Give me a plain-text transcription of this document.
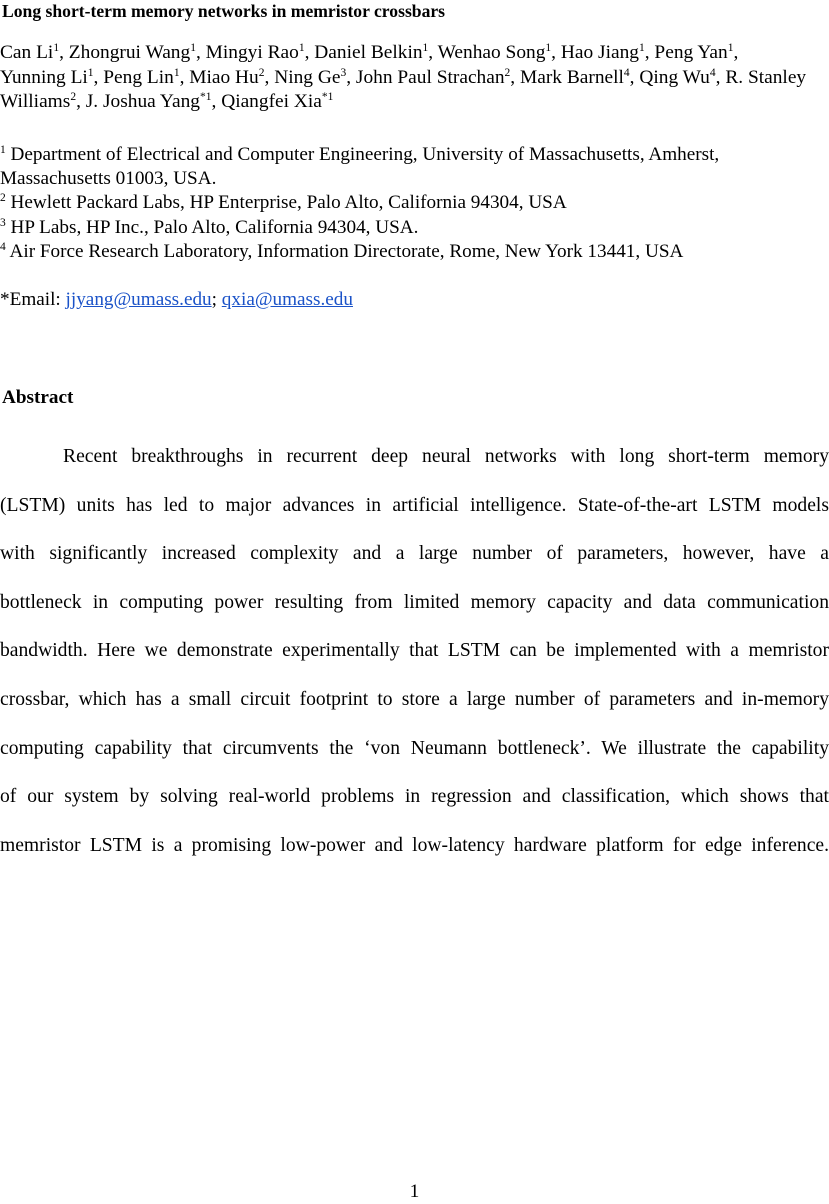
Long short-term memory networks in memristor crossbars
Can Li$^1$, Zhongrui Wang$^1$, Mingyi Rao$^1$, Daniel Belkin$^1$, Wenhao Song$^1$, Hao Jiang$^1$, Peng Yan$^1$,
Yunning Li$^1$, Peng Lin$^1$, Miao Hu$^2$, Ning Ge$^3$, John Paul Strachan$^2$, Mark Barnell$^4$, Qing Wu$^4$, R. Stanley Williams$^2$, J. Joshua Yang$^{*1}$, Qiangfei Xia$^{*1}$
$^1$ Department of Electrical and Computer Engineering, University of Massachusetts, Amherst,
Massachusetts 01003, USA.
$^2$ Hewlett Packard Labs, HP Enterprise, Palo Alto, California 94304, USA
$^3$ HP Labs, HP Inc., Palo Alto, California 94304, USA.
$^4$ Air Force Research Laboratory, Information Directorate, Rome, New York 13441, USA
*Email: jjyang@umass.edu; qxia@umass.edu
Abstract
Recent breakthroughs in recurrent deep neural networks with long short-term memory
(LSTM) units has led to major advances in artificial intelligence. State-of-the-art LSTM models
with significantly increased complexity and a large number of parameters, however, have a
bottleneck in computing power resulting from limited memory capacity and data communication
bandwidth. Here we demonstrate experimentally that LSTM can be implemented with a memristor
crossbar, which has a small circuit footprint to store a large number of parameters and in-memory
computing capability that circumvents the ‘von Neumann bottleneck’. We illustrate the capability
of our system by solving real-world problems in regression and classification, which shows that
memristor LSTM is a promising low-power and low-latency hardware platform for edge inference.
1
